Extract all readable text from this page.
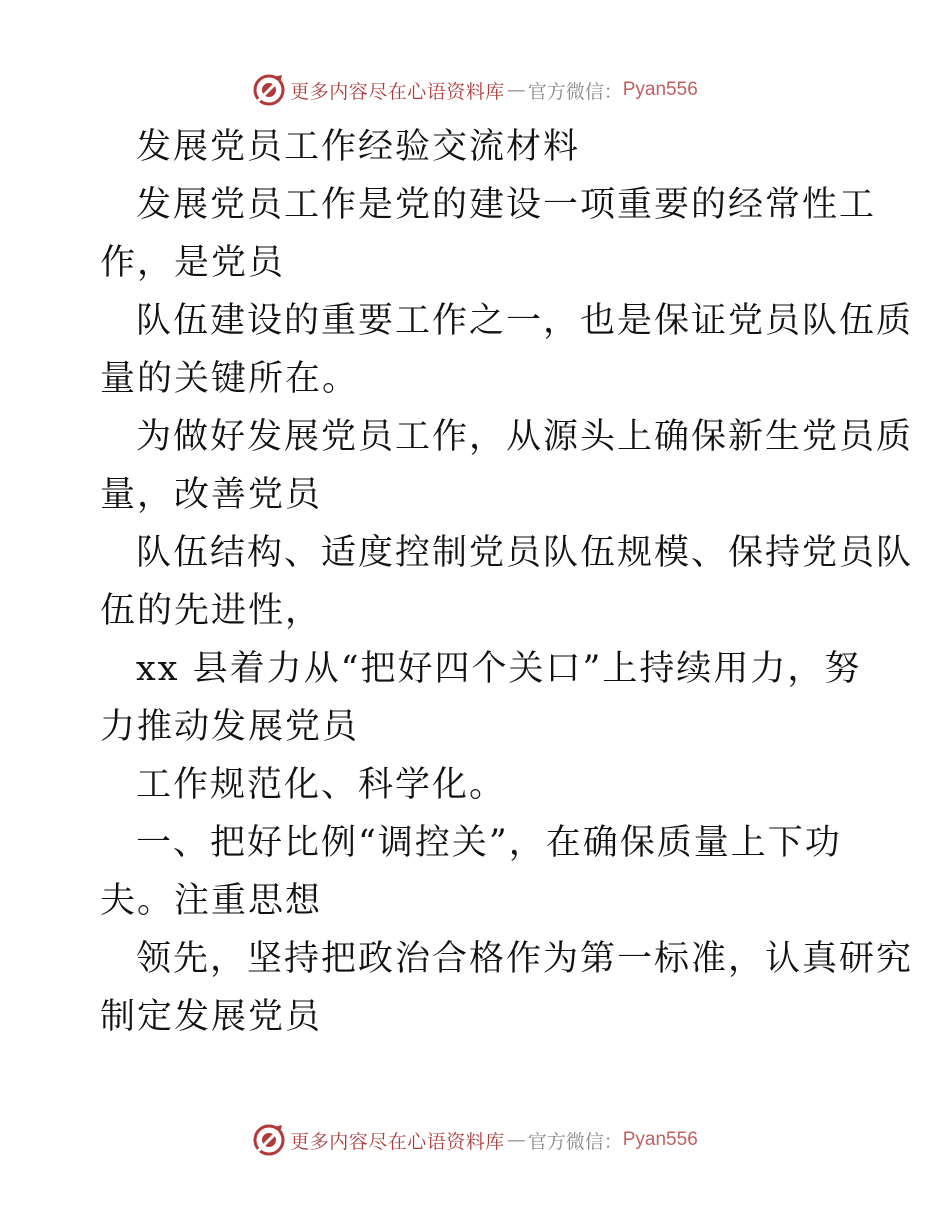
更多内容尽在心语资料库 — 官方微信： Pyan556
发展党员工作经验交流材料
发展党员工作是党的建设一项重要的经常性工
作，是党员
队伍建设的重要工作之一，也是保证党员队伍质
量的关键所在。
为做好发展党员工作，从源头上确保新生党员质
量，改善党员
队伍结构、适度控制党员队伍规模、保持党员队
伍的先进性，
xx 县着力从“把好四个关口”上持续用力，努
力推动发展党员
工作规范化、科学化。
一、把好比例“调控关”，在确保质量上下功
夫。注重思想
领先，坚持把政治合格作为第一标准，认真研究
制定发展党员
更多内容尽在心语资料库 — 官方微信： Pyan556
